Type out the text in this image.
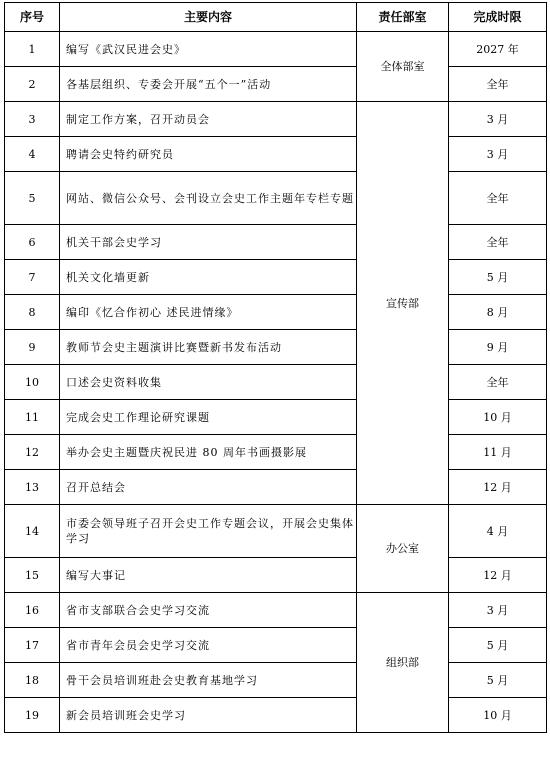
序号	主要内容	责任部室	完成时限
1	编写《武汉民进会史》	全体部室	2027 年
2	各基层组织、专委会开展“五个一”活动		全年
3	制定工作方案，召开动员会	宣传部	3 月
4	聘请会史特约研究员		3 月
5	网站、微信公众号、会刊设立会史工作主题年专栏专题		全年
6	机关干部会史学习		全年
7	机关文化墙更新		5 月
8	编印《忆合作初心 述民进情缘》		8 月
9	教师节会史主题演讲比赛暨新书发布活动		9 月
10	口述会史资料收集		全年
11	完成会史工作理论研究课题		10 月
12	举办会史主题暨庆祝民进 80 周年书画摄影展		11 月
13	召开总结会		12 月
14	市委会领导班子召开会史工作专题会议，开展会史集体学习	办公室	4 月
15	编写大事记		12 月
16	省市支部联合会史学习交流	组织部	3 月
17	省市青年会员会史学习交流		5 月
18	骨干会员培训班赴会史教育基地学习		5 月
19	新会员培训班会史学习		10 月
